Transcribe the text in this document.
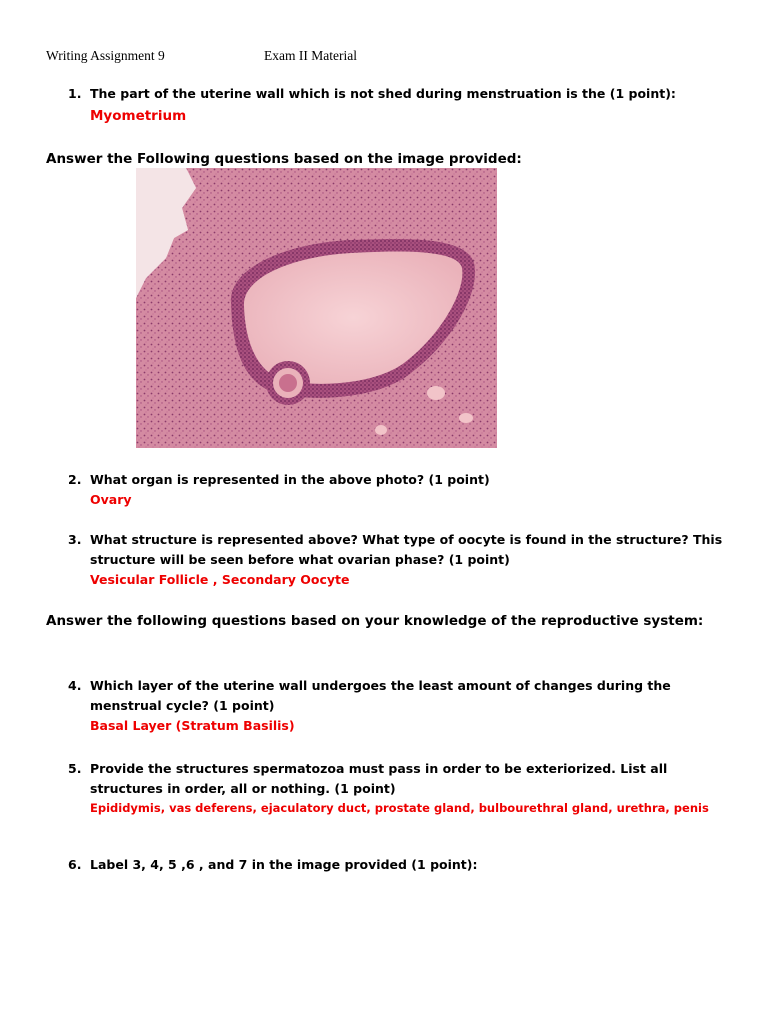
Writing Assignment 9	Exam II Material
1. The part of the uterine wall which is not shed during menstruation is the (1 point):
Myometrium
Answer the Following questions based on the image provided:
2. What organ is represented in the above photo? (1 point)
Ovary
3. What structure is represented above? What type of oocyte is found in the structure? This structure will be seen before what ovarian phase? (1 point)
Vesicular Follicle , Secondary Oocyte
Answer the following questions based on your knowledge of the reproductive system:
4. Which layer of the uterine wall undergoes the least amount of changes during the menstrual cycle? (1 point)
Basal Layer (Stratum Basilis)
5. Provide the structures spermatozoa must pass in order to be exteriorized. List all structures in order, all or nothing. (1 point)
Epididymis, vas deferens, ejaculatory duct, prostate gland, bulbourethral gland, urethra, penis
6. Label 3, 4, 5 ,6 , and 7 in the image provided (1 point):
